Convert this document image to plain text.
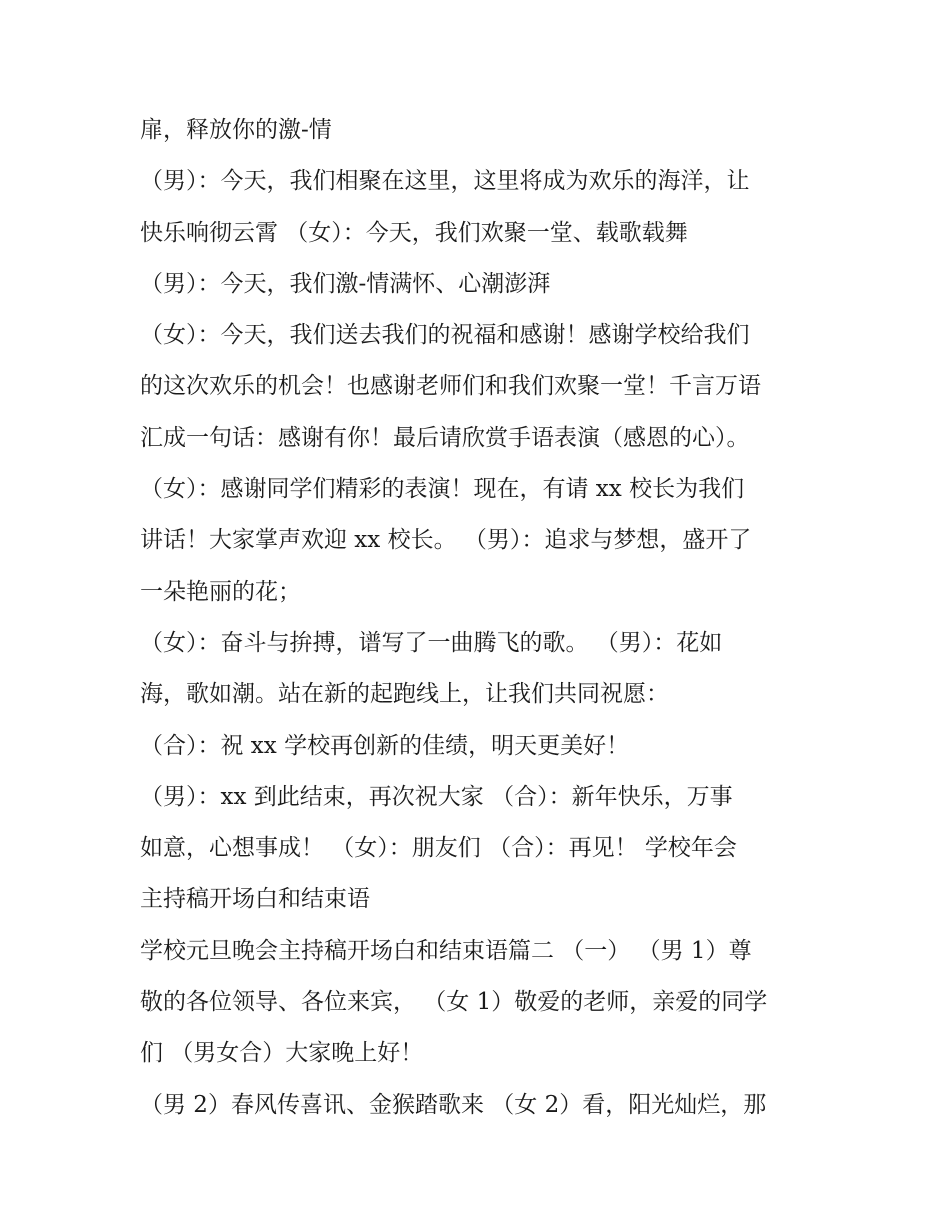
扉，释放你的激-情
（男）：今天，我们相聚在这里，这里将成为欢乐的海洋，让
快乐响彻云霄 （女）：今天，我们欢聚一堂、载歌载舞
（男）：今天，我们激-情满怀、心潮澎湃
（女）：今天，我们送去我们的祝福和感谢！感谢学校给我们
的这次欢乐的机会！也感谢老师们和我们欢聚一堂！千言万语
汇成一句话：感谢有你！最后请欣赏手语表演（感恩的心）。
（女）：感谢同学们精彩的表演！现在，有请 xx 校长为我们
讲话！大家掌声欢迎 xx 校长。 （男）：追求与梦想，盛开了
一朵艳丽的花；
（女）：奋斗与拚搏，谱写了一曲腾飞的歌。 （男）：花如
海，歌如潮。站在新的起跑线上，让我们共同祝愿：
（合）：祝 xx 学校再创新的佳绩，明天更美好！
（男）：xx 到此结束，再次祝大家 （合）：新年快乐，万事
如意，心想事成！ （女）：朋友们 （合）：再见！ 学校年会
主持稿开场白和结束语
学校元旦晚会主持稿开场白和结束语篇二 （一） （男 1）尊
敬的各位领导、各位来宾， （女 1）敬爱的老师，亲爱的同学
们 （男女合）大家晚上好！
（男 2）春风传喜讯、金猴踏歌来 （女 2）看，阳光灿烂，那
